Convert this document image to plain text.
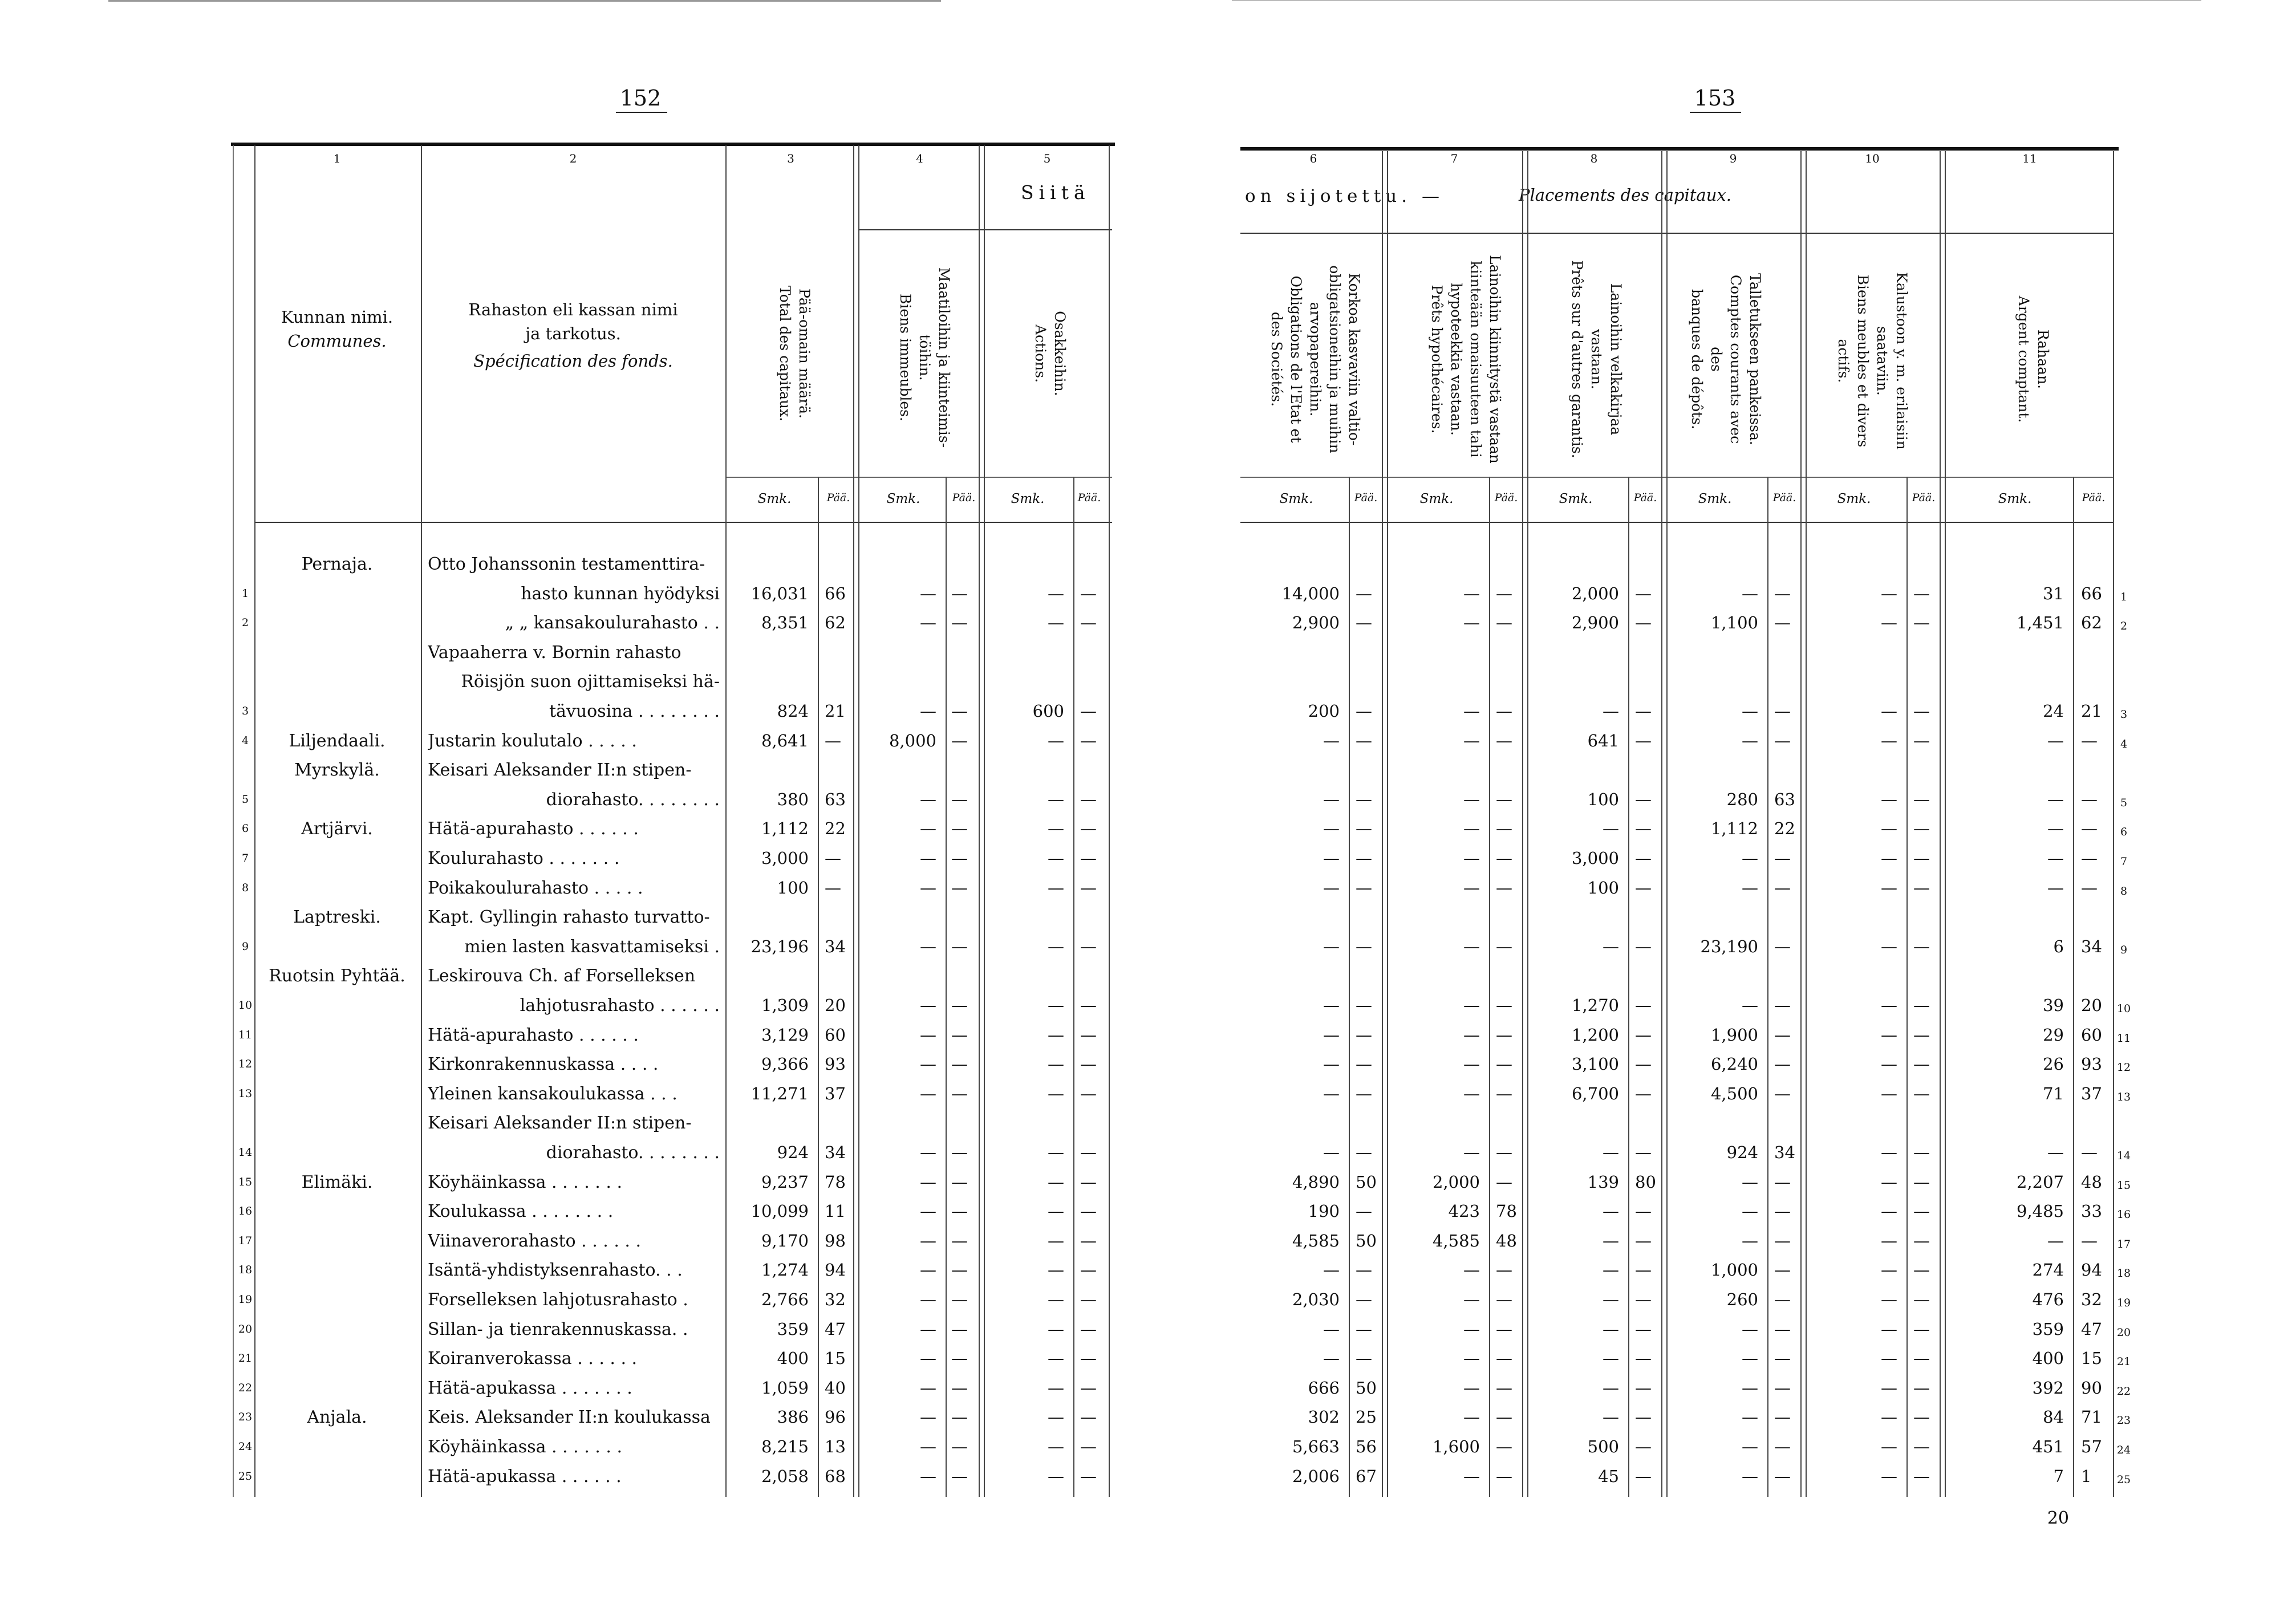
152
1	2	3	4	5
Kunnan nimi.
Communes.
Rahaston eli kassan nimi
ja tarkotus.
Spécification des fonds.
Siitä
Pää-omain määrä.
Total des capitaux.	Maatiloihin ja kiinteimis-
töihin.
Biens immeubles.	Osakkeihin.
Actions.
Smk.	Pää.	Smk.	Pää.	Smk.	Pää.
Pernaja.	Otto Johanssonin testamenttira-
1	hasto kunnan hyödyksi 16,031 66	— —	— —
2	„ „ kansakoulurahasto . .	8,351 62	— —	— —
Vapaaherra v. Bornin rahasto
Röisjön suon ojittamiseksi hä-
3	tävuosina . . . . . . . .	824 21	— —	600 —
4	Liljendaali.	Justarin koulutalo . . . . .	8,641 —	8,000 —	— —
Myrskylä.	Keisari Aleksander II:n stipen-
5	diorahasto. . . . . . . .	380 63	— —	— —
6	Artjärvi.	Hätä-apurahasto . . . . . .	1,112 22	— —	— —
7	Koulurahasto . . . . . . .	3,000 —	— —	— —
8	Poikakoulurahasto . . . . .	100 —	— —	— —
Laptreski.	Kapt. Gyllingin rahasto turvatto-
9	mien lasten kasvattamiseksi . 23,196 34	— —	— —
Ruotsin Pyhtää.	Leskirouva Ch. af Forselleksen
10	lahjotusrahasto . . . . . .	1,309 20	— —	— —
11	Hätä-apurahasto . . . . . .	3,129 60	— —	— —
12	Kirkonrakennuskassa . . . .	9,366 93	— —	— —
13	Yleinen kansakoulukassa . . .	11,271 37	— —	— —
Keisari Aleksander II:n stipen-
14	diorahasto. . . . . . . .	924 34	— —	— —
15	Elimäki.	Köyhäinkassa . . . . . . .	9,237 78	— —	— —
16	Koulukassa . . . . . . . .	10,099 11	— —	— —
17	Viinaverorahasto . . . . . .	9,170 98	— —	— —
18	Isäntä-yhdistyksenrahasto. . .	1,274 94	— —	— —
19	Forselleksen lahjotusrahasto .	2,766 32	— —	— —
20	Sillan- ja tienrakennuskassa. .	359 47	— —	— —
21	Koiranverokassa . . . . . .	400 15	— —	— —
22	Hätä-apukassa . . . . . . .	1,059 40	— —	— —
23	Anjala.	Keis. Aleksander II:n koulukassa	386 96	— —	— —
24	Köyhäinkassa . . . . . . .	8,215 13	— —	— —
25	Hätä-apukassa . . . . . .	2,058 68	— —	— —
153
6	7	8	9	10	11
on sijotettu. —	Placements des capitaux.
Korkoa kasvaviin valtio-
obligatsioneihin ja muihin
arvopapereihin.
Obligations de l'Etat et
des Sociétés.	Lainoihin kiinnitystä vastaan
kiinteään omaisuuteen tahi
hypoteekkia vastaan.
Prêts hypothécaires.	Lainoihin velkakirjaa vastaan.
Prêts sur d'autres garantis.	Talletukseen pankeissa.
Comptes courants avec des
banques de dépôts.	Kalustoon y. m. erilaisiin
saataviin.
Biens meubles et divers
actifs.	Rahaan.
Argent comptant.
Smk.	Pää.	Smk.	Pää.	Smk.	Pää.	Smk.	Pää.	Smk.	Pää.	Smk.	Pää.
1
14,000 —	— —	2,000 —	— —	— —	31 66
2
2,900 —	— —	2,900 —	1,100 —	— —	1,451 62
3
200 —	— —	— —	— —	— —	24 21
4
— —	— —	641 —	— —	— —	— —
5
— —	— —	100 —	280 63	— —	— —
6
— —	— —	— —	1,112 22	— —	— —
7
— —	— —	3,000 —	— —	— —	— —
8
— —	— —	100 —	— —	— —	— —
9
— —	— —	— —	23,190 —	— —	6 34
10
— —	— —	1,270 —	— —	— —	39 20
11
— —	— —	1,200 —	1,900 —	— —	29 60
12
— —	— —	3,100 —	6,240 —	— —	26 93
13
— —	— —	6,700 —	4,500 —	— —	71 37
14
— —	— —	— —	924 34	— —	— —
15
4,890 50	2,000 —	139 80	— —	— —	2,207 48
16
190 —	423 78	— —	— —	— —	9,485 33
17
4,585 50	4,585 48	— —	— —	— —	— —
18
— —	— —	— —	1,000 —	— —	274 94
19
2,030 —	— —	— —	260 —	— —	476 32
20
— —	— —	— —	— —	— —	359 47
21
— —	— —	— —	— —	— —	400 15
22
666 50	— —	— —	— —	— —	392 90
23
302 25	— —	— —	— —	— —	84 71
24
5,663 56	1,600 —	500 —	— —	— —	451 57
25
2,006 67	— —	45 —	— —	— —	7 1
20
